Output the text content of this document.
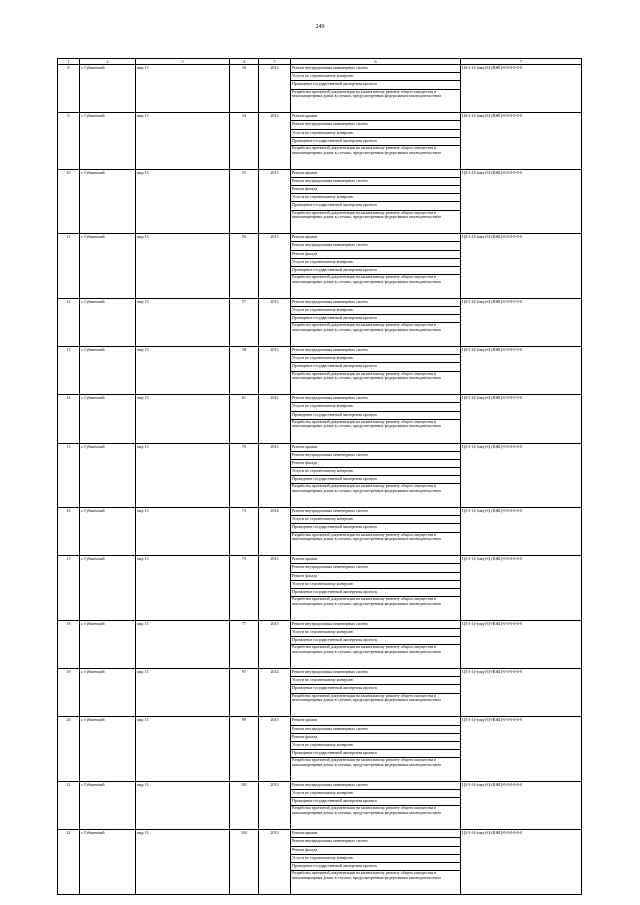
249
1	2	3	4	5	6	7
8	г. Губкинский	мкр 13	50	2013	Ремонт внутридомовых инженерных систем	ЦЗ-3-14-(мку)-Ц-(КЖЦ-0-0-0-0-0-0

					Услуги по строительному контролю	

					Проведение государственной экспертизы проекта	

					Разработка проектной документации на капитальному ремонту общего имущества в многоквартирных домах в случаях, предусмотренных федеральным законодательством	

9	г. Губкинский	мкр 13	54	2013	Ремонт крыши	ЦЗ-3-14-(мку)-Ц-(КЖЦ-0-0-0-0-0-0

					Ремонт внутридомовых инженерных систем	

					Услуги по строительному контролю	

					Проведение государственной экспертизы проекта	

					Разработка проектной документации на капитальному ремонту общего имущества в многоквартирных домах в случаях, предусмотренных федеральным законодательством	

10	г. Губкинский	мкр 13	55	2013	Ремонт крыши	ЦЗ-3-14-(мку)-Ц-(КЖЦ-0-0-0-0-0-0

					Ремонт внутридомовых инженерных систем	

					Ремонт фасада	

					Услуги по строительному контролю	

					Проведение государственной экспертизы проекта	

					Разработка проектной документации на капитальному ремонту общего имущества в многоквартирных домах в случаях, предусмотренных федеральным законодательством	

11	г. Губкинский	мкр 13	56	2013	Ремонт крыши	ЦЗ-3-14-(мку)-Ц-(КЖЦ-0-0-0-0-0-0

					Ремонт внутридомовых инженерных систем	

					Ремонт фасада	

					Услуги по строительному контролю	

					Проведение государственной экспертизы проекта	

					Разработка проектной документации на капитальному ремонту общего имущества в многоквартирных домах в случаях, предусмотренных федеральным законодательством	

12	г. Губкинский	мкр 13	57	2013	Ремонт внутридомовых инженерных систем	ЦЗ-3-14-(мку)-Ц-(КЖЦ-0-0-0-0-0-0

					Услуги по строительному контролю	

					Проведение государственной экспертизы проекта	

					Разработка проектной документации на капитальному ремонту общего имущества в многоквартирных домах в случаях, предусмотренных федеральным законодательством	

13	г. Губкинский	мкр 13	58	2013	Ремонт внутридомовых инженерных систем	ЦЗ-3-14-(мку)-Ц-(КЖЦ-0-0-0-0-0-0

					Услуги по строительному контролю	

					Проведение государственной экспертизы проекта	

					Разработка проектной документации на капитальному ремонту общего имущества в многоквартирных домах в случаях, предусмотренных федеральным законодательством	

14	г. Губкинский	мкр 13	61	2012	Ремонт внутридомовых инженерных систем	ЦЗ-3-14-(мку)-Ц-(КЖЦ-0-0-0-0-0-0

					Услуги по строительному контролю	

					Проведение государственной экспертизы проекта	

					Разработка проектной документации на капитальному ремонту общего имущества в многоквартирных домах в случаях, предусмотренных федеральным законодательством	

15	г. Губкинский	мкр 13	70	2013	Ремонт крыши	ЦЗ-3-14-(мку)-Ц-(КЖЦ-0-0-0-0-0-0

					Ремонт внутридомовых инженерных систем	

					Ремонт фасада	

					Услуги по строительному контролю	

					Проведение государственной экспертизы проекта	

					Разработка проектной документации на капитальному ремонту общего имущества в многоквартирных домах в случаях, предусмотренных федеральным законодательством	

16	г. Губкинский	мкр 13	73	2014	Ремонт внутридомовых инженерных систем	ЦЗ-3-14-(мку)-Ц-(КЖЦ-0-0-0-0-0-0

					Услуги по строительному контролю	

					Проведение государственной экспертизы проекта	

					Разработка проектной документации на капитальному ремонту общего имущества в многоквартирных домах в случаях, предусмотренных федеральным законодательством	

17	г. Губкинский	мкр 13	75	2013	Ремонт крыши	ЦЗ-3-14-(мку)-Ц-(КЖЦ-0-0-0-0-0-0

					Ремонт внутридомовых инженерных систем	

					Ремонт фасада	

					Услуги по строительному контролю	

					Проведение государственной экспертизы проекта	

					Разработка проектной документации на капитальному ремонту общего имущества в многоквартирных домах в случаях, предусмотренных федеральным законодательством	

18	г. Губкинский	мкр 13	77	2013	Ремонт внутридомовых инженерных систем	ЦЗ-3-14-(мку)-Ц-(КЖЦ-0-0-0-0-0-0

					Услуги по строительному контролю	

					Проведение государственной экспертизы проекта	

					Разработка проектной документации на капитальному ремонту общего имущества в многоквартирных домах в случаях, предусмотренных федеральным законодательством	

19	г. Губкинский	мкр 13	97	2014	Ремонт внутридомовых инженерных систем	ЦЗ-3-14-(мку)-Ц-(КЖЦ-0-0-0-0-0-0

					Услуги по строительному контролю	

					Проведение государственной экспертизы проекта	

					Разработка проектной документации на капитальному ремонту общего имущества в многоквартирных домах в случаях, предусмотренных федеральным законодательством	

20	г. Губкинский	мкр 13	99	2013	Ремонт крыши	ЦЗ-3-14-(мку)-Ц-(КЖЦ-0-0-0-0-0-0

					Ремонт внутридомовых инженерных систем	

					Ремонт фасада	

					Услуги по строительному контролю	

					Проведение государственной экспертизы проекта	

					Разработка проектной документации на капитальному ремонту общего имущества в многоквартирных домах в случаях, предусмотренных федеральным законодательством	

21	г. Губкинский	мкр 13	101	2013	Ремонт внутридомовых инженерных систем	ЦЗ-3-14-(мку)-Ц-(КЖЦ-0-0-0-0-0-0

					Услуги по строительному контролю	

					Проведение государственной экспертизы проекта	

					Разработка проектной документации на капитальному ремонту общего имущества в многоквартирных домах в случаях, предусмотренных федеральным законодательством	

22	г. Губкинский	мкр 13	104	2013	Ремонт крыши	ЦЗ-3-14-(мку)-Ц-(КЖЦ-0-0-0-0-0-0

					Ремонт внутридомовых инженерных систем	

					Ремонт фасада	

					Услуги по строительному контролю	

					Проведение государственной экспертизы проекта	

					Разработка проектной документации на капитальному ремонту общего имущества в многоквартирных домах в случаях, предусмотренных федеральным законодательством	
